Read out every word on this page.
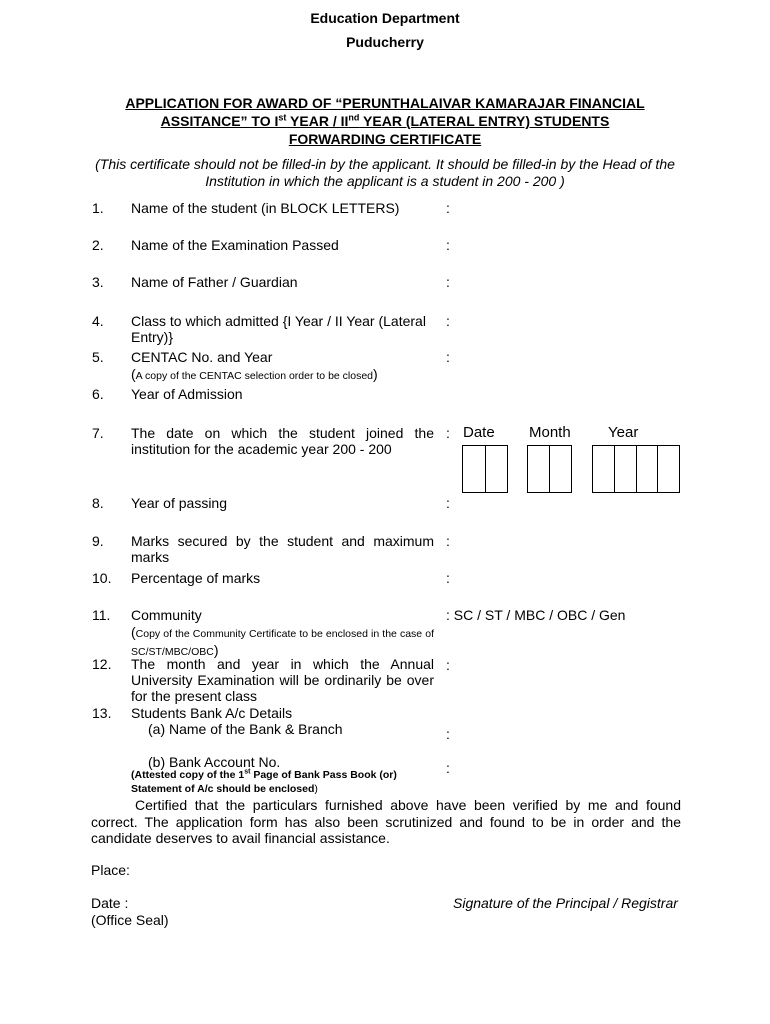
Education Department
Puducherry
APPLICATION FOR AWARD OF “PERUNTHALAIVAR KAMARAJAR FINANCIAL
ASSITANCE” TO Ist YEAR / IInd YEAR (LATERAL ENTRY) STUDENTS
FORWARDING CERTIFICATE
(This certificate should not be filled-in by the applicant. It should be filled-in by the Head of the
Institution in which the applicant is a student in 200 - 200 )
1.	Name of the student (in BLOCK LETTERS)	:
2.	Name of the Examination Passed	:
3.	Name of Father / Guardian	:
4.	Class to which admitted {I Year / II Year (Lateral Entry)}
:
5.	CENTAC No. and Year	:
(A copy of the CENTAC selection order to be closed)
6.	Year of Admission
7.	The date on which the student joined the institution for the academic year 200 - 200
: Date Month Year
8.	Year of passing	:
9.	Marks secured by the student and maximum marks
:
10.	Percentage of marks	:
11.	Community	: SC / ST / MBC / OBC / Gen
(Copy of the Community Certificate to be enclosed in the case of SC/ST/MBC/OBC)
12.	The month and year in which the Annual University Examination will be ordinarily be over for the present class
:
13.	Students Bank A/c Details
(a) Name of the Bank & Branch	:
(b) Bank Account No.	:
(Attested copy of the 1st Page of Bank Pass Book (or)
Statement of A/c should be enclosed)
Certified that the particulars furnished above have been verified by me and found correct. The application form has also been scrutinized and found to be in order and the candidate deserves to avail financial assistance.
Place:
Date :
(Office Seal)
Signature of the Principal / Registrar
